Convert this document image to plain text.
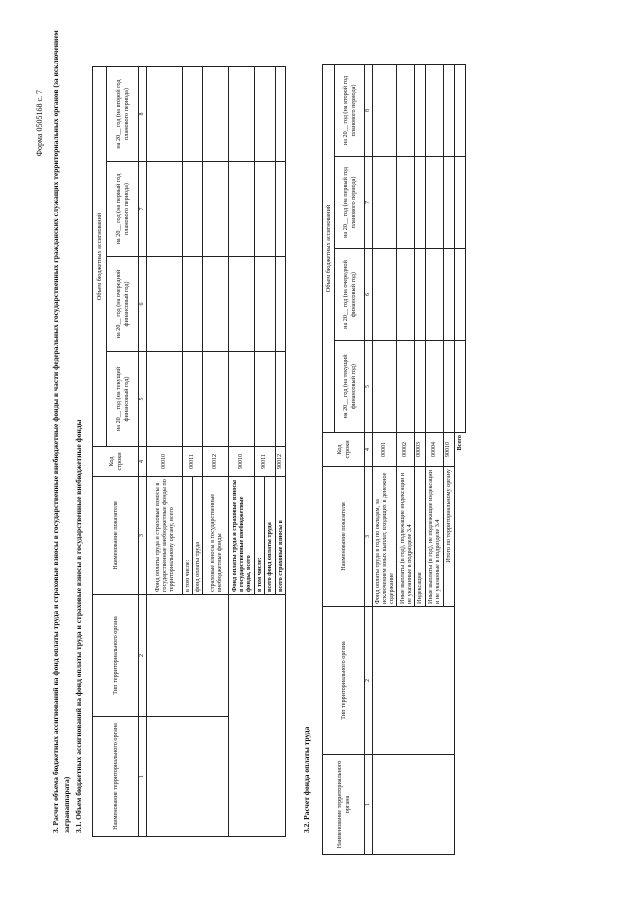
Форма 0505168 с. 7 3. Расчет объема бюджетных ассигнований на фонд оплаты труда и страховые взносы в государственные внебюджетные фонды в части федеральных государственных гражданских служащих территориальных органов (за исключением загранаппарата) 3.1. Объем бюджетных ассигнований на фонд оплаты труда и страховые взносы в государственные внебюджетные фонды	Наименование территориального органа	Тип территориального органа	Наименование показателя	Код строки	Объем бюджетных ассигнований			
				на 20__ год (на текущий финансовый год)	на 20__ год (на очередной финансовый год)	на 20__ год (на первый год планового периода)	на 20__ год (на второй год планового периода)
1	2	3	4	5	6	7	8
		Фонд оплаты труда и страховые взносы в государственные внебюджетные фонды по территориальному органу, всего	00010				
		в том числе:	00011				
		фонд оплаты труда					
		страховые взносы в государственные внебюджетные фонды	00012				
		Фонд оплаты труда и страховые взносы в государственные внебюджетные фонды, всего	90010				
		в том числе:	90011				
		всего фонд оплаты труда					
		всего страховые взносы в	90012				
3.2. Расчет фонда оплаты труда	Наименование территориального органа	Тип территориального органа	Наименование показателя	Код строки	Объем бюджетных ассигнований			
				на 20__ год (на текущий финансовый год)	на 20__ год (на очередной финансовый год)	на 20__ год (на первый год планового периода)	на 20__ год (на второй год планового периода)
1	2	3	4	5	6	7	8
		Фонд оплаты труда в год по окладам, за исключением иных выплат, входящих в денежное содержание	00001				
		Иные выплаты (в год), подлежащие индексации и не указанные в подразделе 3.4	00002				
		Индексация	00003				
		Иные выплаты (в год), не подлежащие индексации и не указанные в подразделе 3.4	00004				
		Итого по территориальному органу	90010				
Всего							
